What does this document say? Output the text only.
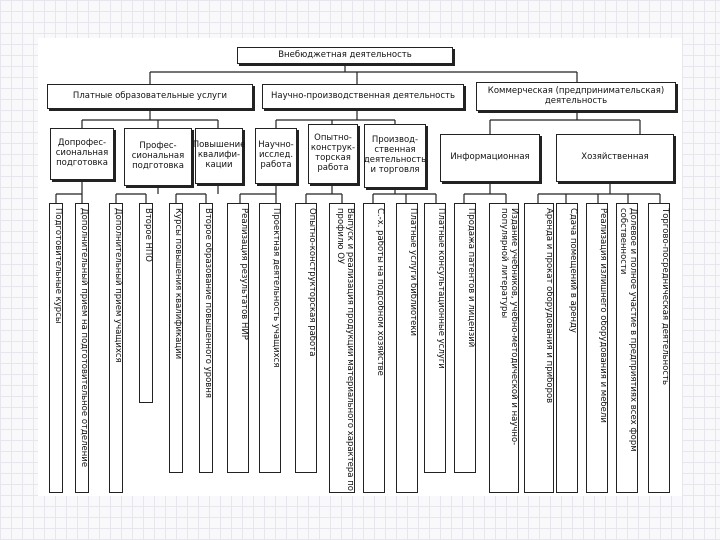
Внебюджетная деятельность
Платные образовательные услуги	Научно-производственная деятельность	Коммерческая (предпринимательская) деятельность
Допрофес-сиональная подготовка
Профес-сиональная подготовка
Повышение квалифи-кации
Научно-исслед. работа
Опытно-конструк-торская работа
Производ-ственная деятельность и торговля
Информационная	Хозяйственная
Подготовительные курсы	Дополнительный прием на подготовительное отделение	Дополнительный прием учащихся	Второе НПО	Курсы повышения квалификации	Второе образование повышенного уровня	Реализация результатов НИР	Проектная деятельность учащихся	Опытно-конструкторская работа	Выпуск и реализация продукции материального характера по профилю ОУ	С.-х. работы на подсобном хозяйстве	Платные услуги библиотеки	Платные консультационные услуги	Продажа патентов и лицензий	Издание учебников, учебно-методической и научно-популярной литературы	Аренда и прокат оборудования и приборов	Сдача помещений в аренду	Реализация излишнего оборудования и мебели	Долевое и полное участие в предприятиях всех форм собственности	Торгово-посредническая деятельность
